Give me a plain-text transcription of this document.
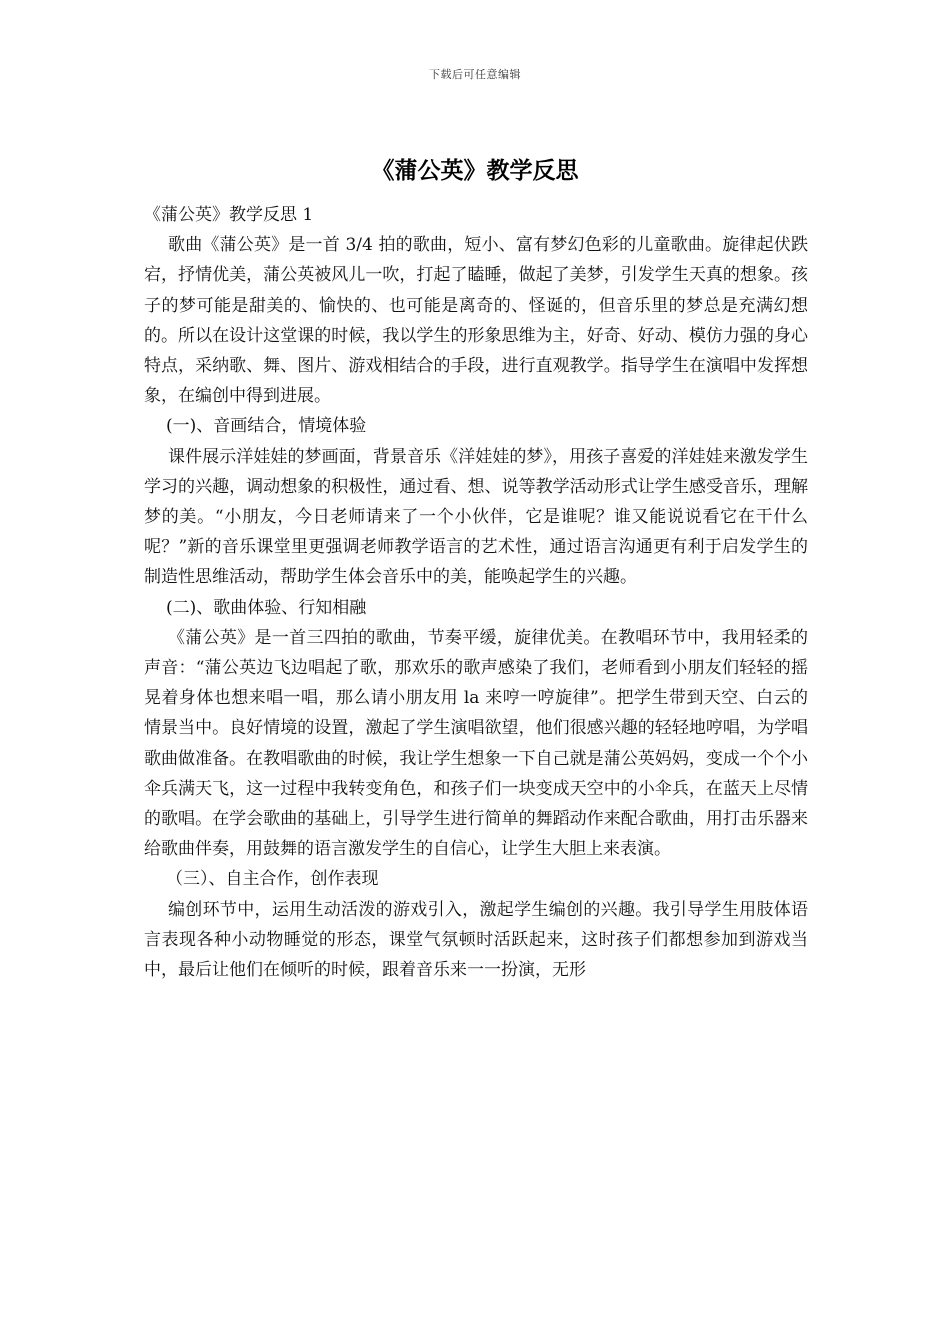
下载后可任意编辑
《蒲公英》教学反思

《蒲公英》教学反思 1

歌曲《蒲公英》是一首 3/4 拍的歌曲，短小、富有梦幻色彩的儿童歌曲。旋律起伏跌宕，抒情优美，蒲公英被风儿一吹，打起了瞌睡，做起了美梦，引发学生天真的想象。孩子的梦可能是甜美的、愉快的、也可能是离奇的、怪诞的，但音乐里的梦总是充满幻想的。所以在设计这堂课的时候，我以学生的形象思维为主，好奇、好动、模仿力强的身心特点，采纳歌、舞、图片、游戏相结合的手段，进行直观教学。指导学生在演唱中发挥想象，在编创中得到进展。

(一)、音画结合，情境体验

课件展示洋娃娃的梦画面，背景音乐《洋娃娃的梦》，用孩子喜爱的洋娃娃来激发学生学习的兴趣，调动想象的积极性，通过看、想、说等教学活动形式让学生感受音乐，理解梦的美。“小朋友，今日老师请来了一个小伙伴，它是谁呢？谁又能说说看它在干什么呢？”新的音乐课堂里更强调老师教学语言的艺术性，通过语言沟通更有利于启发学生的制造性思维活动，帮助学生体会音乐中的美，能唤起学生的兴趣。

(二)、歌曲体验、行知相融

《蒲公英》是一首三四拍的歌曲，节奏平缓，旋律优美。在教唱环节中，我用轻柔的声音：“蒲公英边飞边唱起了歌，那欢乐的歌声感染了我们，老师看到小朋友们轻轻的摇晃着身体也想来唱一唱，那么请小朋友用 la 来哼一哼旋律”。把学生带到天空、白云的情景当中。良好情境的设置，激起了学生演唱欲望，他们很感兴趣的轻轻地哼唱，为学唱歌曲做准备。在教唱歌曲的时候，我让学生想象一下自己就是蒲公英妈妈，变成一个个小伞兵满天飞，这一过程中我转变角色，和孩子们一块变成天空中的小伞兵，在蓝天上尽情的歌唱。在学会歌曲的基础上，引导学生进行简单的舞蹈动作来配合歌曲，用打击乐器来给歌曲伴奏，用鼓舞的语言激发学生的自信心，让学生大胆上来表演。

（三）、自主合作，创作表现

编创环节中，运用生动活泼的游戏引入，激起学生编创的兴趣。我引导学生用肢体语言表现各种小动物睡觉的形态，课堂气氛顿时活跃起来，这时孩子们都想参加到游戏当中，最后让他们在倾听的时候，跟着音乐来一一扮演，无形
